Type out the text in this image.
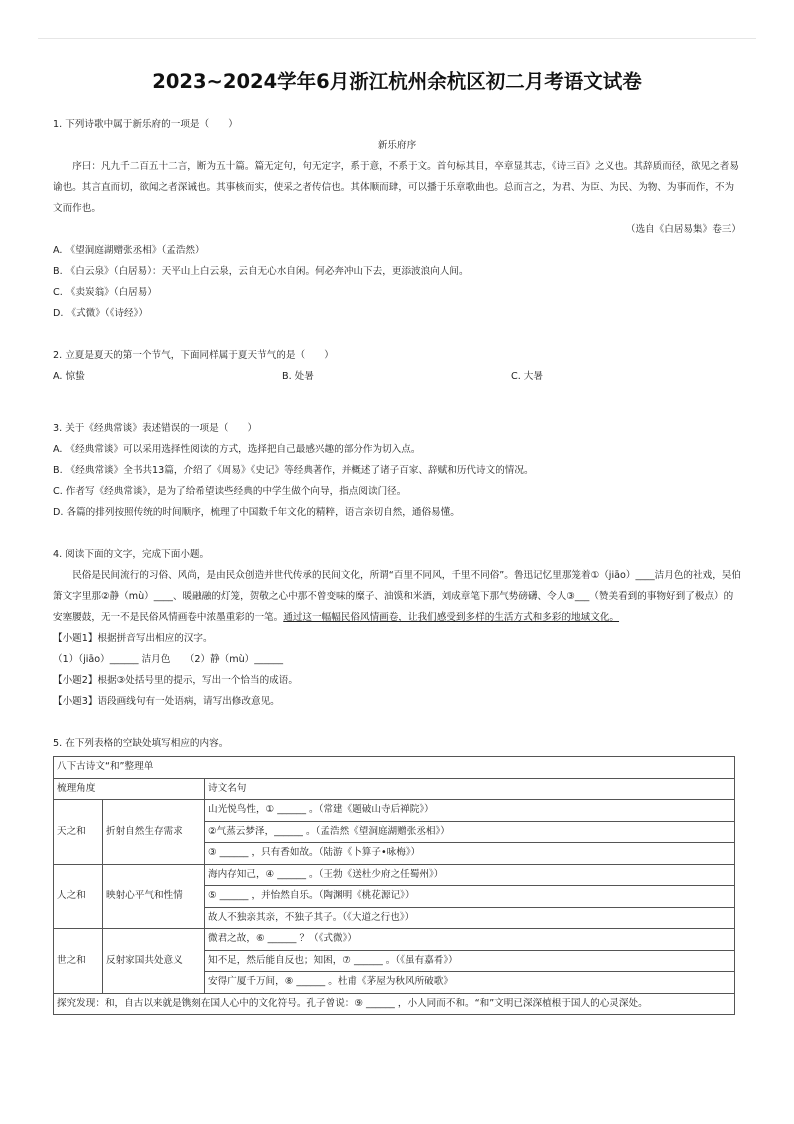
2023~2024学年6月浙江杭州余杭区初二月考语文试卷
1. 下列诗歌中属于新乐府的一项是（　　）
新乐府序
序曰：凡九千二百五十二言，断为五十篇。篇无定句，句无定字，系于意，不系于文。首句标其目，卒章显其志，《诗三百》之义也。其辞质而径，欲见之者易谕也。其言直而切，欲闻之者深诫也。其事核而实，使采之者传信也。其体顺而肆，可以播于乐章歌曲也。总而言之，为君、为臣、为民、为物、为事而作，不为文而作也。
（选自《白居易集》卷三）
A. 《望洞庭湖赠张丞相》（孟浩然）
B. 《白云泉》（白居易）：天平山上白云泉，云自无心水自闲。何必奔冲山下去，更添波浪向人间。
C. 《卖炭翁》（白居易）
D. 《式微》（《诗经》）
2. 立夏是夏天的第一个节气，下面同样属于夏天节气的是（　　）
A. 惊蛰	B. 处暑	C. 大暑
3. 关于《经典常谈》表述错误的一项是（　　）
A. 《经典常谈》可以采用选择性阅读的方式，选择把自己最感兴趣的部分作为切入点。
B. 《经典常谈》全书共13篇，介绍了《周易》《史记》等经典著作，并概述了诸子百家、辞赋和历代诗文的情况。
C. 作者写《经典常谈》，是为了给希望读些经典的中学生做个向导，指点阅读门径。
D. 各篇的排列按照传统的时间顺序，梳理了中国数千年文化的精粹，语言亲切自然，通俗易懂。
4. 阅读下面的文字，完成下面小题。
民俗是民间流行的习俗、风尚，是由民众创造并世代传承的民间文化，所谓“百里不同风，千里不同俗”。鲁迅记忆里那笼着①（jiāo）____洁月色的社戏，吴伯箫文字里那②静（mù）____、暖融融的灯笼，贺敬之心中那不曾变味的糜子、油馍和米酒，刘成章笔下那气势磅礴、令人③___（赞美看到的事物好到了极点）的安塞腰鼓，无一不是民俗风情画卷中浓墨重彩的一笔。通过这一幅幅民俗风情画卷，让我们感受到多样的生活方式和多彩的地域文化。
【小题1】根据拼音写出相应的汉字。
（1）（jiāo）______ 洁月色　　（2）静（mù）______
【小题2】根据③处括号里的提示，写出一个恰当的成语。
【小题3】语段画线句有一处语病，请写出修改意见。
5. 在下列表格的空缺处填写相应的内容。
八下古诗文“和”整理单		
梳理角度		诗文名句
天之和	折射自然生存需求	山光悦鸟性，① ______ 。（常建《题破山寺后禅院》）
		②气蒸云梦泽，______ 。（孟浩然《望洞庭湖赠张丞相》）
		③ ______ ，只有香如故。（陆游《卜算子•咏梅》）
人之和	映射心平气和性情	海内存知己，④ ______ 。（王勃《送杜少府之任蜀州》）
		⑤ ______ ，并怡然自乐。（陶渊明《桃花源记》）
		故人不独亲其亲，不独子其子。（《大道之行也》）
世之和	反射家国共处意义	微君之故，⑥ ______ ？（《式微》）
		知不足，然后能自反也；知困，⑦ ______ 。（《虽有嘉肴》）
		安得广厦千万间，⑧ ______ 。杜甫《茅屋为秋风所破歌》
探究发现：和，自古以来就是镌刻在国人心中的文化符号。孔子曾说：⑨ ______ ，小人同而不和。“和”文明已深深植根于国人的心灵深处。		
